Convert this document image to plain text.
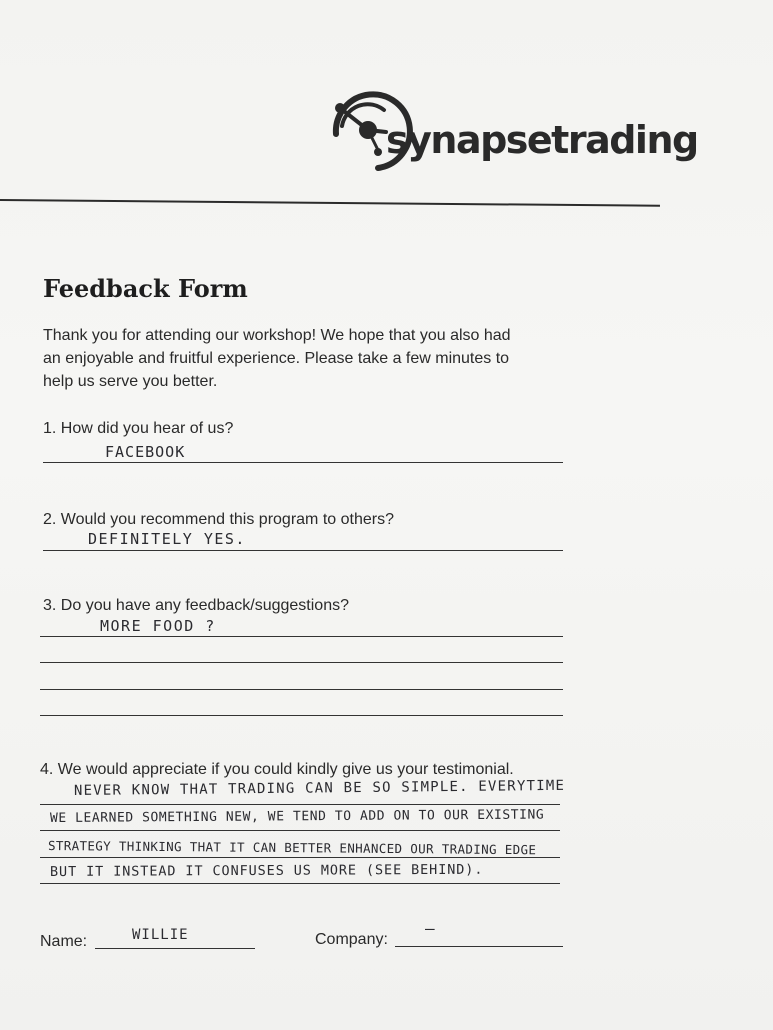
synapsetrading
Feedback Form
Thank you for attending our workshop! We hope that you also had
an enjoyable and fruitful experience. Please take a few minutes to
help us serve you better.
1. How did you hear of us?
FACEBOOK
2. Would you recommend this program to others?
DEFINITELY YES.
3. Do you have any feedback/suggestions?
MORE FOOD ?
4. We would appreciate if you could kindly give us your testimonial.
NEVER KNOW THAT TRADING CAN BE SO SIMPLE. EVERYTIME
WE LEARNED SOMETHING NEW, WE TEND TO ADD ON TO OUR EXISTING
STRATEGY THINKING THAT IT CAN BETTER ENHANCED OUR TRADING EDGE
BUT IT INSTEAD IT CONFUSES US MORE (SEE BEHIND).
Name:	WILLIE	Company:
—
